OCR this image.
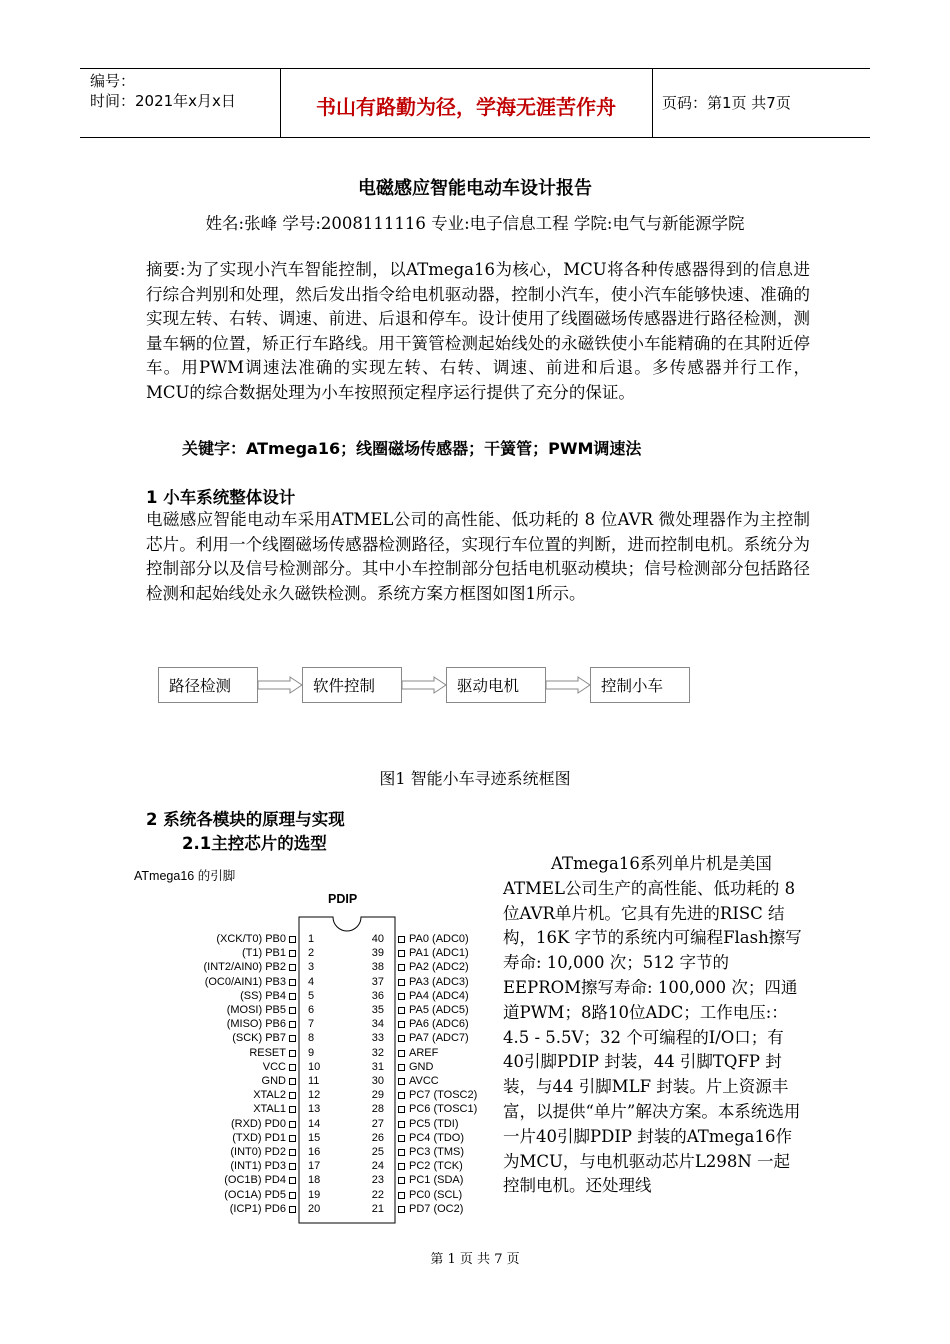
编号：
时间：2021年x月x日	书山有路勤为径，学海无涯苦作舟	页码：第1页 共7页
电磁感应智能电动车设计报告
姓名:张峰 学号:2008111116 专业:电子信息工程 学院:电气与新能源学院
摘要:为了实现小汽车智能控制，以ATmega16为核心，MCU将各种传感器得到的信息进行综合判别和处理，然后发出指令给电机驱动器，控制小汽车，使小汽车能够快速、准确的实现左转、右转、调速、前进、后退和停车。设计使用了线圈磁场传感器进行路径检测，测量车辆的位置，矫正行车路线。用干簧管检测起始线处的永磁铁使小车能精确的在其附近停车。用PWM调速法准确的实现左转、右转、调速、前进和后退。多传感器并行工作，MCU的综合数据处理为小车按照预定程序运行提供了充分的保证。
关键字：ATmega16；线圈磁场传感器；干簧管；PWM调速法
1 小车系统整体设计
电磁感应智能电动车采用ATMEL公司的高性能、低功耗的 8 位AVR 微处理器作为主控制芯片。利用一个线圈磁场传感器检测路径，实现行车位置的判断，进而控制电机。系统分为控制部分以及信号检测部分。其中小车控制部分包括电机驱动模块；信号检测部分包括路径检测和起始线处永久磁铁检测。系统方案方框图如图1所示。
路径检测	软件控制	驱动电机	控制小车
图1 智能小车寻迹系统框图
2 系统各模块的原理与实现
2.1主控芯片的选型
ATmega16 的引脚
PDIP
(XCK/T0) PB0 1
(T1) PB1 2
(INT2/AIN0) PB2 3
(OC0/AIN1) PB3 4
(SS) PB4 5
(MOSI) PB5 6
(MISO) PB6 7
(SCK) PB7 8
RESET 9
VCC 10
GND 11
XTAL2 12
XTAL1 13
(RXD) PD0 14
(TXD) PD1 15
(INT0) PD2 16
(INT1) PD3 17
(OC1B) PD4 18
(OC1A) PD5 19
(ICP1) PD6 20
40 PA0 (ADC0)
39 PA1 (ADC1)
38 PA2 (ADC2)
37 PA3 (ADC3)
36 PA4 (ADC4)
35 PA5 (ADC5)
34 PA6 (ADC6)
33 PA7 (ADC7)
32 AREF
31 GND
30 AVCC
29 PC7 (TOSC2)
28 PC6 (TOSC1)
27 PC5 (TDI)
26 PC4 (TDO)
25 PC3 (TMS)
24 PC2 (TCK)
23 PC1 (SDA)
22 PC0 (SCL)
21 PD7 (OC2)
ATmega16系列单片机是美国ATMEL公司生产的高性能、低功耗的 8 位AVR单片机。它具有先进的RISC 结构，16K 字节的系统内可编程Flash擦写寿命: 10,000 次；512 字节的EEPROM擦写寿命: 100,000 次；四通道PWM；8路10位ADC；工作电压:：4.5 - 5.5V；32 个可编程的I/O口；有40引脚PDIP 封装，44 引脚TQFP 封装，与44 引脚MLF 封装。片上资源丰富，以提供“单片”解决方案。本系统选用一片40引脚PDIP 封装的ATmega16作为MCU，与电机驱动芯片L298N 一起控制电机。还处理线
第 1 页 共 7 页
